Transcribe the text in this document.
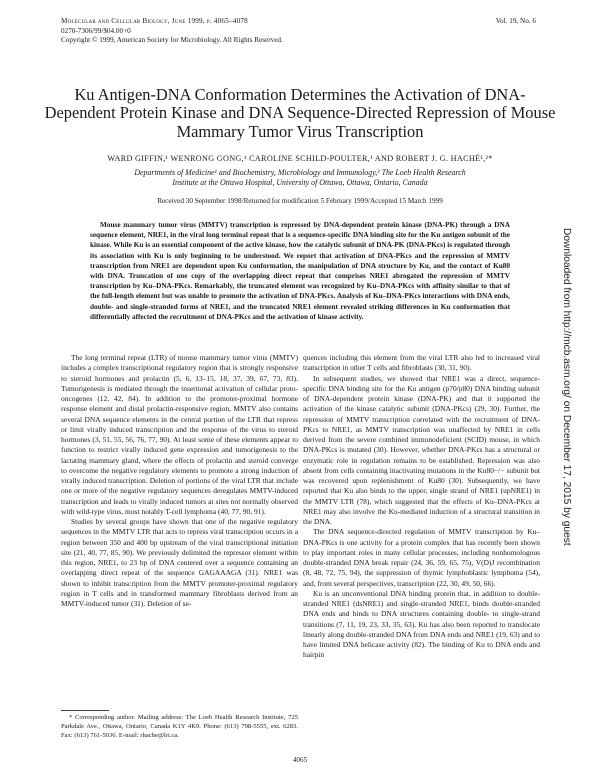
Molecular and Cellular Biology, June 1999, p. 4065–4078
0270-7306/99/$04.00+0
Copyright © 1999, American Society for Microbiology. All Rights Reserved.
Vol. 19, No. 6
Ku Antigen-DNA Conformation Determines the Activation of DNA-Dependent Protein Kinase and DNA Sequence-Directed Repression of Mouse Mammary Tumor Virus Transcription
WARD GIFFIN,¹ WENRONG GONG,¹ CAROLINE SCHILD-POULTER,¹ AND ROBERT J. G. HACHÉ¹,²*
Departments of Medicine¹ and Biochemistry, Microbiology and Immunology,² The Loeb Health Research
Institute at the Ottawa Hospital, University of Ottawa, Ottawa, Ontario, Canada
Received 30 September 1998/Returned for modification 5 February 1999/Accepted 15 March 1999
Mouse mammary tumor virus (MMTV) transcription is repressed by DNA-dependent protein kinase (DNA-PK) through a DNA sequence element, NRE1, in the viral long terminal repeat that is a sequence-specific DNA binding site for the Ku antigen subunit of the kinase. While Ku is an essential component of the active kinase, how the catalytic subunit of DNA-PK (DNA-PKcs) is regulated through its association with Ku is only beginning to be understood. We report that activation of DNA-PKcs and the repression of MMTV transcription from NRE1 are dependent upon Ku conformation, the manipulation of DNA structure by Ku, and the contact of Ku80 with DNA. Truncation of one copy of the overlapping direct repeat that comprises NRE1 abrogated the repression of MMTV transcription by Ku–DNA-PKcs. Remarkably, the truncated element was recognized by Ku–DNA-PKcs with affinity similar to that of the full-length element but was unable to promote the activation of DNA-PKcs. Analysis of Ku–DNA-PKcs interactions with DNA ends, double- and single-stranded forms of NRE1, and the truncated NRE1 element revealed striking differences in Ku conformation that differentially affected the recruitment of DNA-PKcs and the activation of kinase activity.

The long terminal repeat (LTR) of mouse mammary tumor virus (MMTV) includes a complex transcriptional regulatory region that is strongly responsive to steroid hormones and prolactin (5, 6, 13–15, 18, 37, 39, 67, 73, 83). Tumorigenesis is mediated through the insertional activation of cellular proto-oncogenes (12, 42, 84). In addition to the promoter-proximal hormone response element and distal prolactin-responsive region, MMTV also contains several DNA sequence elements in the central portion of the LTR that repress or limit virally induced transcription and the response of the virus to steroid hormones (3, 51, 55, 56, 76, 77, 90). At least some of these elements appear to function to restrict virally induced gene expression and tumorigenesis to the lactating mammary gland, where the effects of prolactin and steroid converge to overcome the negative regulatory elements to promote a strong induction of virally induced transcription. Deletion of portions of the viral LTR that include one or more of the negative regulatory sequences deregulates MMTV-induced transcription and leads to virally induced tumors at sites not normally observed with wild-type virus, most notably T-cell lymphoma (40, 77, 90, 91).

Studies by several groups have shown that one of the negative regulatory sequences in the MMTV LTR that acts to repress viral transcription occurs in a region between 350 and 400 bp upstream of the viral transcriptional initiation site (21, 40, 77, 85, 90). We previously delimited the repressor element within this region, NRE1, to 23 bp of DNA centered over a sequence containing an overlapping direct repeat of the sequence GAGAAAGA (31). NRE1 was shown to inhibit transcription from the MMTV promoter-proximal regulatory region in T cells and in transformed mammary fibroblasts derived from an MMTV-induced tumor (31). Deletion of se-

quences including this element from the viral LTR also led to increased viral transcription in other T cells and fibroblasts (30, 31, 90).

In subsequent studies, we showed that NRE1 was a direct, sequence-specific DNA binding site for the Ku antigen (p70/p80) DNA binding subunit of DNA-dependent protein kinase (DNA-PK) and that it supported the activation of the kinase catalytic subunit (DNA-PKcs) (29, 30). Further, the repression of MMTV transcription correlated with the recruitment of DNA-PKcs to NRE1, as MMTV transcription was unaffected by NRE1 in cells derived from the severe combined immunodeficient (SCID) mouse, in which DNA-PKcs is mutated (30). However, whether DNA-PKcs has a structural or enzymatic role in regulation remains to be established. Repression was also absent from cells containing inactivating mutations in the Ku80−/− subunit but was recovered upon replenishment of Ku80 (30). Subsequently, we have reported that Ku also binds to the upper, single strand of NRE1 (upNRE1) in the MMTV LTR (78), which suggested that the effects of Ku–DNA-PKcs at NRE1 may also involve the Ku-mediated induction of a structural transition in the DNA.

The DNA sequence-directed regulation of MMTV transcription by Ku–DNA-PKcs is one activity for a protein complex that has recently been shown to play important roles in many cellular processes, including nonhomologous double-stranded DNA break repair (24, 36, 59, 65, 75), V(D)J recombination (8, 48, 72, 75, 94), the suppression of thymic lymphoblastic lymphoma (54), and, from several perspectives, transcription (22, 30, 49, 50, 66).

Ku is an unconventional DNA binding protein that, in addition to double-stranded NRE1 (dsNRE1) and single-stranded NRE1, binds double-stranded DNA ends and binds to DNA structures containing double- to single-strand transitions (7, 11, 19, 23, 33, 35, 63). Ku has also been reported to translocate linearly along double-stranded DNA from DNA ends and NRE1 (19, 63) and to have limited DNA helicase activity (82). The binding of Ku to DNA ends and hairpin

* Corresponding author. Mailing address: The Loeb Health Research Institute, 725 Parkdale Ave., Ottawa, Ontario, Canada K1Y 4K9. Phone: (613) 798-5555, ext. 6283. Fax: (613) 761-5036. E-mail: rhache@lri.ca.
4065
Downloaded from http://mcb.asm.org/ on December 17, 2015 by guest
